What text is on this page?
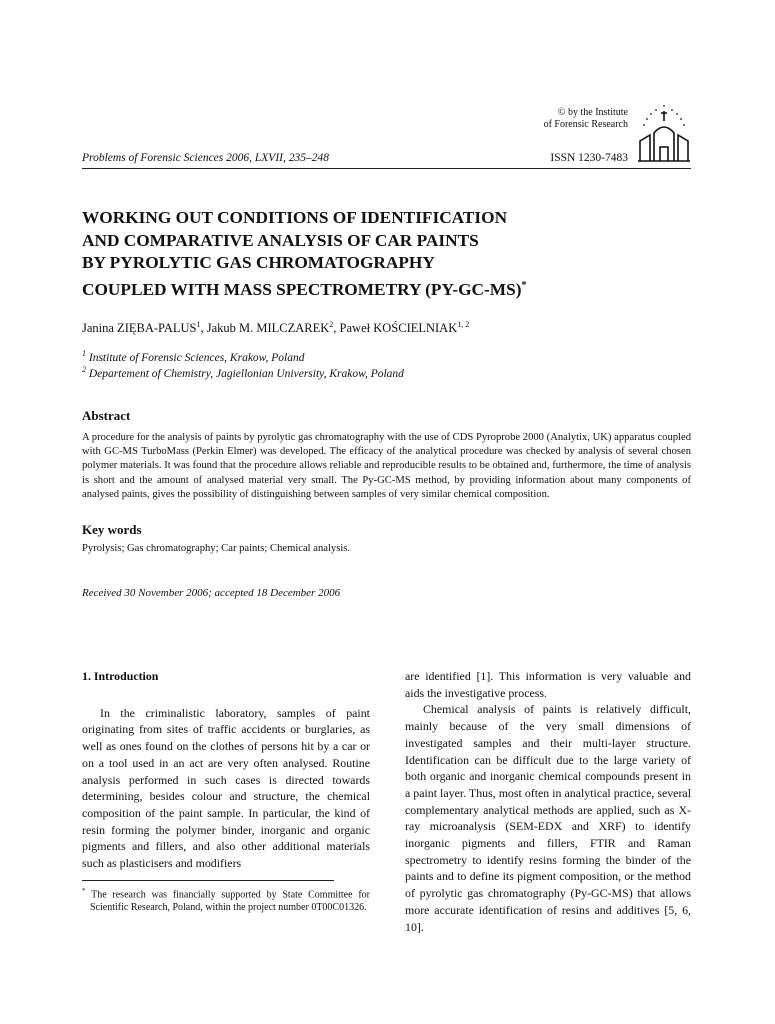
© by the Institute
of Forensic Research
Problems of Forensic Sciences 2006, LXVII, 235–248	ISSN 1230-7483
WORKING OUT CONDITIONS OF IDENTIFICATION
AND COMPARATIVE ANALYSIS OF CAR PAINTS
BY PYROLYTIC GAS CHROMATOGRAPHY
COUPLED WITH MASS SPECTROMETRY (PY-GC-MS)*
Janina ZIĘBA-PALUS$^1$, Jakub M. MILCZAREK$^2$, Paweł KOŚCIELNIAK$^{1, 2}$
$^1$ Institute of Forensic Sciences, Krakow, Poland
$^2$ Departement of Chemistry, Jagiellonian University, Krakow, Poland
Abstract
A procedure for the analysis of paints by pyrolytic gas chromatography with the use of CDS Pyroprobe 2000 (Analytix, UK) apparatus coupled with GC-MS TurboMass (Perkin Elmer) was developed. The efficacy of the analytical procedure was checked by analysis of several chosen polymer materials. It was found that the procedure allows reliable and reproducible results to be obtained and, furthermore, the time of analysis is short and the amount of analysed material very small. The Py-GC-MS method, by providing information about many components of analysed paints, gives the possibility of distinguishing between samples of very similar chemical composition.
Key words
Pyrolysis; Gas chromatography; Car paints; Chemical analysis.
Received 30 November 2006; accepted 18 December 2006
1. Introduction

In the criminalistic laboratory, samples of paint originating from sites of traffic accidents or burglaries, as well as ones found on the clothes of persons hit by a car or on a tool used in an act are very often analysed. Routine analysis performed in such cases is directed towards determining, besides colour and structure, the chemical composition of the paint sample. In particular, the kind of resin forming the polymer binder, inorganic and organic pigments and fillers, and also other additional materials such as plasticisers and modifiers

are identified [1]. This information is very valuable and aids the investigative process.

Chemical analysis of paints is relatively difficult, mainly because of the very small dimensions of investigated samples and their multi-layer structure. Identification can be difficult due to the large variety of both organic and inorganic chemical compounds present in a paint layer. Thus, most often in analytical practice, several complementary analytical methods are applied, such as X-ray microanalysis (SEM-EDX and XRF) to identify inorganic pigments and fillers, FTIR and Raman spectrometry to identify resins forming the binder of the paints and to define its pigment composition, or the method of pyrolytic gas chromatography (Py-GC-MS) that allows more accurate identification of resins and additives [5, 6, 10].

* The research was financially supported by State Committee for Scientific Research, Poland, within the project number 0T00C01326.
